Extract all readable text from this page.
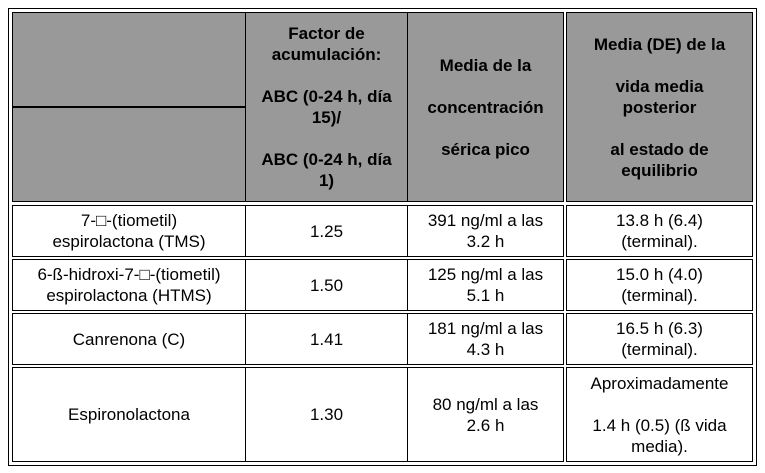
Factor de
acumulación:
ABC (0-24 h, día
15)/
ABC (0-24 h, día
1)
Media de la
concentración
sérica pico
Media (DE) de la
vida media
posterior
al estado de
equilibrio
7-□-(tiometil)
espirolactona (TMS)
1.25
391 ng/ml a las
3.2 h
13.8 h (6.4)
(terminal).
6-ß-hidroxi-7-□-(tiometil)
espirolactona (HTMS)
1.50
125 ng/ml a las
5.1 h
15.0 h (4.0)
(terminal).
Canrenona (C)	1.41
181 ng/ml a las
4.3 h
16.5 h (6.3)
(terminal).
Espironolactona	1.30
80 ng/ml a las
2.6 h
Aproximadamente
1.4 h (0.5) (ß vida
media).
